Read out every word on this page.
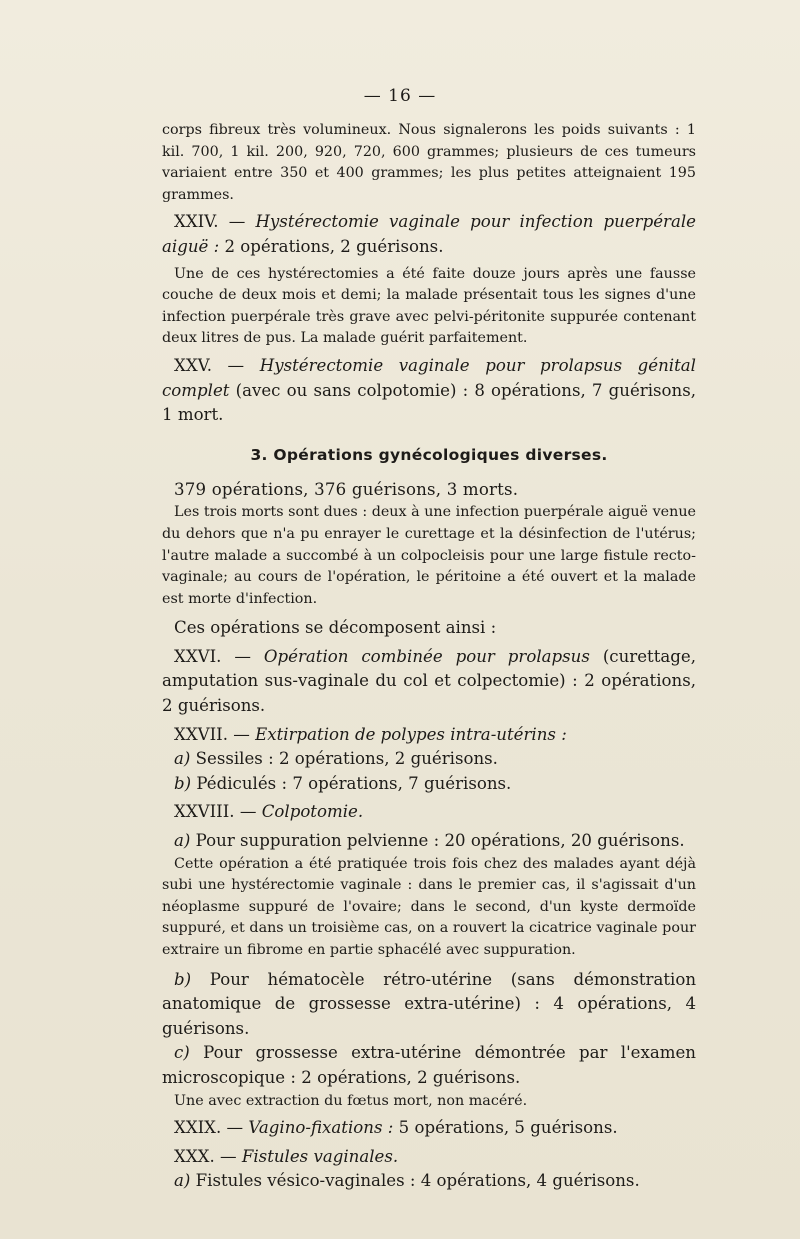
— 16 —

corps fibreux très volumineux. Nous signalerons les poids suivants : 1 kil. 700, 1 kil. 200, 920, 720, 600 grammes; plusieurs de ces tumeurs variaient entre 350 et 400 grammes; les plus petites atteignaient 195 grammes.

XXIV. — Hystérectomie vaginale pour infection puerpérale aiguë : 2 opérations, 2 guérisons.

Une de ces hystérectomies a été faite douze jours après une fausse couche de deux mois et demi; la malade présentait tous les signes d'une infection puerpérale très grave avec pelvi-péritonite suppurée contenant deux litres de pus. La malade guérit parfaitement.

XXV. — Hystérectomie vaginale pour prolapsus génital complet (avec ou sans colpotomie) : 8 opérations, 7 guérisons, 1 mort.

3. Opérations gynécologiques diverses.

379 opérations, 376 guérisons, 3 morts.

Les trois morts sont dues : deux à une infection puerpérale aiguë venue du dehors que n'a pu enrayer le curettage et la désinfection de l'utérus; l'autre malade a succombé à un colpocleisis pour une large fistule recto-vaginale; au cours de l'opération, le péritoine a été ouvert et la malade est morte d'infection.

Ces opérations se décomposent ainsi :

XXVI. — Opération combinée pour prolapsus (curettage, amputation sus-vaginale du col et colpectomie) : 2 opérations, 2 guérisons.

XXVII. — Extirpation de polypes intra-utérins :

a) Sessiles : 2 opérations, 2 guérisons.

b) Pédiculés : 7 opérations, 7 guérisons.

XXVIII. — Colpotomie.

a) Pour suppuration pelvienne : 20 opérations, 20 guérisons.

Cette opération a été pratiquée trois fois chez des malades ayant déjà subi une hystérectomie vaginale : dans le premier cas, il s'agissait d'un néoplasme suppuré de l'ovaire; dans le second, d'un kyste dermoïde suppuré, et dans un troisième cas, on a rouvert la cicatrice vaginale pour extraire un fibrome en partie sphacélé avec suppuration.

b) Pour hématocèle rétro-utérine (sans démonstration anatomique de grossesse extra-utérine) : 4 opérations, 4 guérisons.

c) Pour grossesse extra-utérine démontrée par l'examen microscopique : 2 opérations, 2 guérisons.

Une avec extraction du fœtus mort, non macéré.

XXIX. — Vagino-fixations : 5 opérations, 5 guérisons.

XXX. — Fistules vaginales.

a) Fistules vésico-vaginales : 4 opérations, 4 guérisons.
